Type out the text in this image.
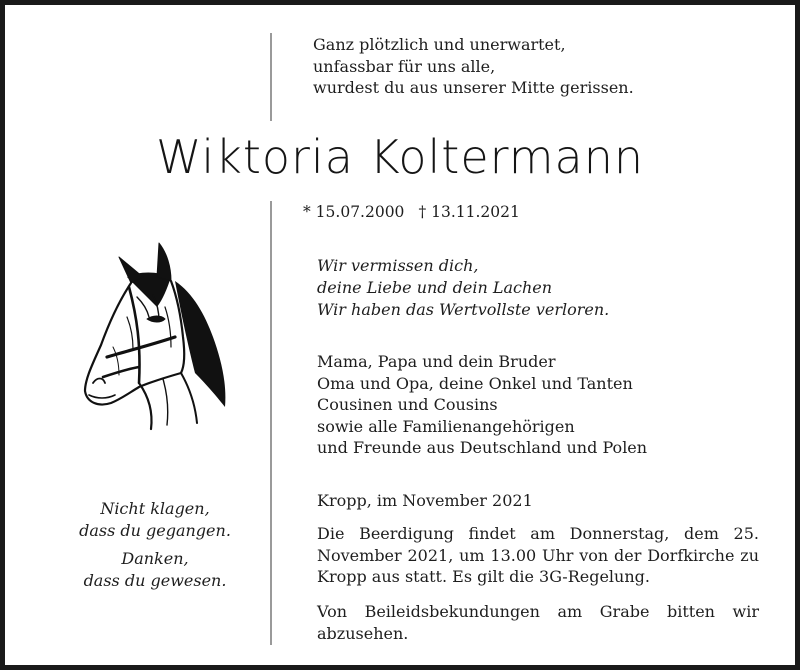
Ganz plötzlich und unerwartet,
unfassbar für uns alle,
wurdest du aus unserer Mitte gerissen.

Wiktoria Koltermann

* 15.07.2000 † 13.11.2021

Wir vermissen dich,
deine Liebe und dein Lachen
Wir haben das Wertvollste verloren.

Mama, Papa und dein Bruder
Oma und Opa, deine Onkel und Tanten
Cousinen und Cousins
sowie alle Familienangehörigen
und Freunde aus Deutschland und Polen

Kropp, im November 2021

Die Beerdigung findet am Donnerstag, dem 25. November 2021, um 13.00 Uhr von der Dorfkirche zu Kropp aus statt. Es gilt die 3G-Regelung.

Von Beileidsbekundungen am Grabe bitten wir abzusehen.

Nicht klagen,
dass du gegangen.

Danken,
dass du gewesen.
